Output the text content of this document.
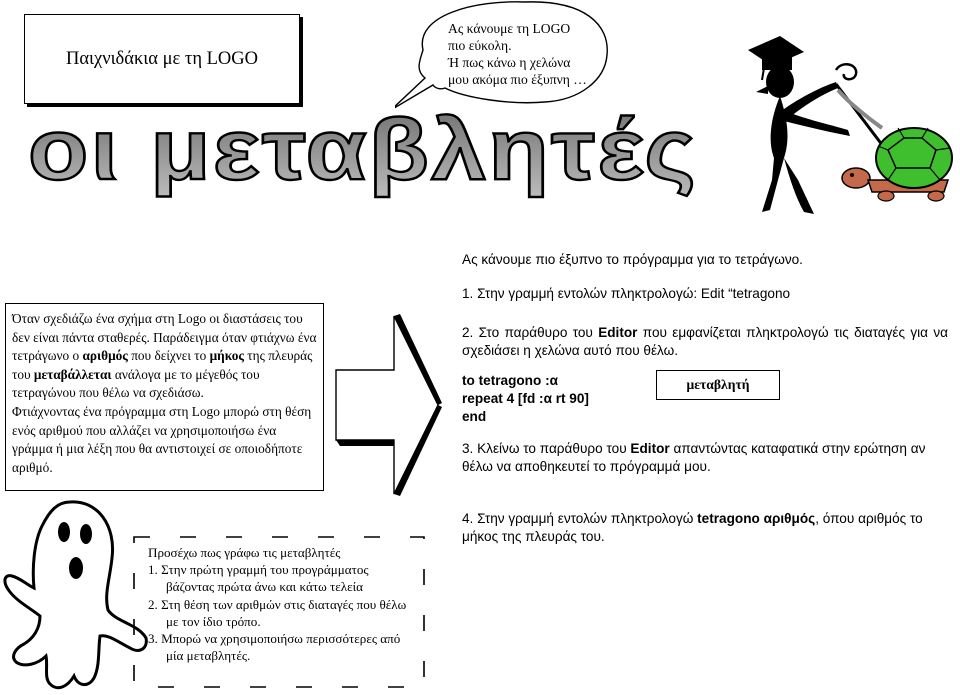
Παιχνιδάκια με τη LOGO
Ας κάνουμε τη LOGO
πιο εύκολη.
Ή πως κάνω η χελώνα
μου ακόμα πιο έξυπνη …
οι μεταβλητές
Ας κάνουμε πιο έξυπνο το πρόγραμμα για το τετράγωνο.
1. Στην γραμμή εντολών πληκτρολογώ: Edit “tetragono
2. Στο παράθυρο του Editor που εμφανίζεται πληκτρολογώ τις διαταγές για να σχεδιάσει η χελώνα αυτό που θέλω.
to tetragono :α
repeat 4 [fd :α rt 90]
end
μεταβλητή
3. Κλείνω το παράθυρο του Editor απαντώντας καταφατικά στην ερώτηση αν θέλω να αποθηκευτεί το πρόγραμμά μου.
4. Στην γραμμή εντολών πληκτρολογώ tetragono αριθμός, όπου αριθμός το μήκος της πλευράς του.
Όταν σχεδιάζω ένα σχήμα στη Logo οι διαστάσεις του δεν είναι πάντα σταθερές. Παράδειγμα όταν φτιάχνω ένα τετράγωνο ο αριθμός που δείχνει το μήκος της πλευράς του μεταβάλλεται ανάλογα με το μέγεθός του τετραγώνου που θέλω να σχεδιάσω.
Φτιάχνοντας ένα πρόγραμμα στη Logo μπορώ στη θέση ενός αριθμού που αλλάζει να χρησιμοποιήσω ένα γράμμα ή μια λέξη που θα αντιστοιχεί σε οποιοδήποτε αριθμό.
Προσέχω πως γράφω τις μεταβλητές
1. Στην πρώτη γραμμή του προγράμματος βάζοντας πρώτα άνω και κάτω τελεία
2. Στη θέση των αριθμών στις διαταγές που θέλω με τον ίδιο τρόπο.
3. Μπορώ να χρησιμοποιήσω περισσότερες από μία μεταβλητές.
